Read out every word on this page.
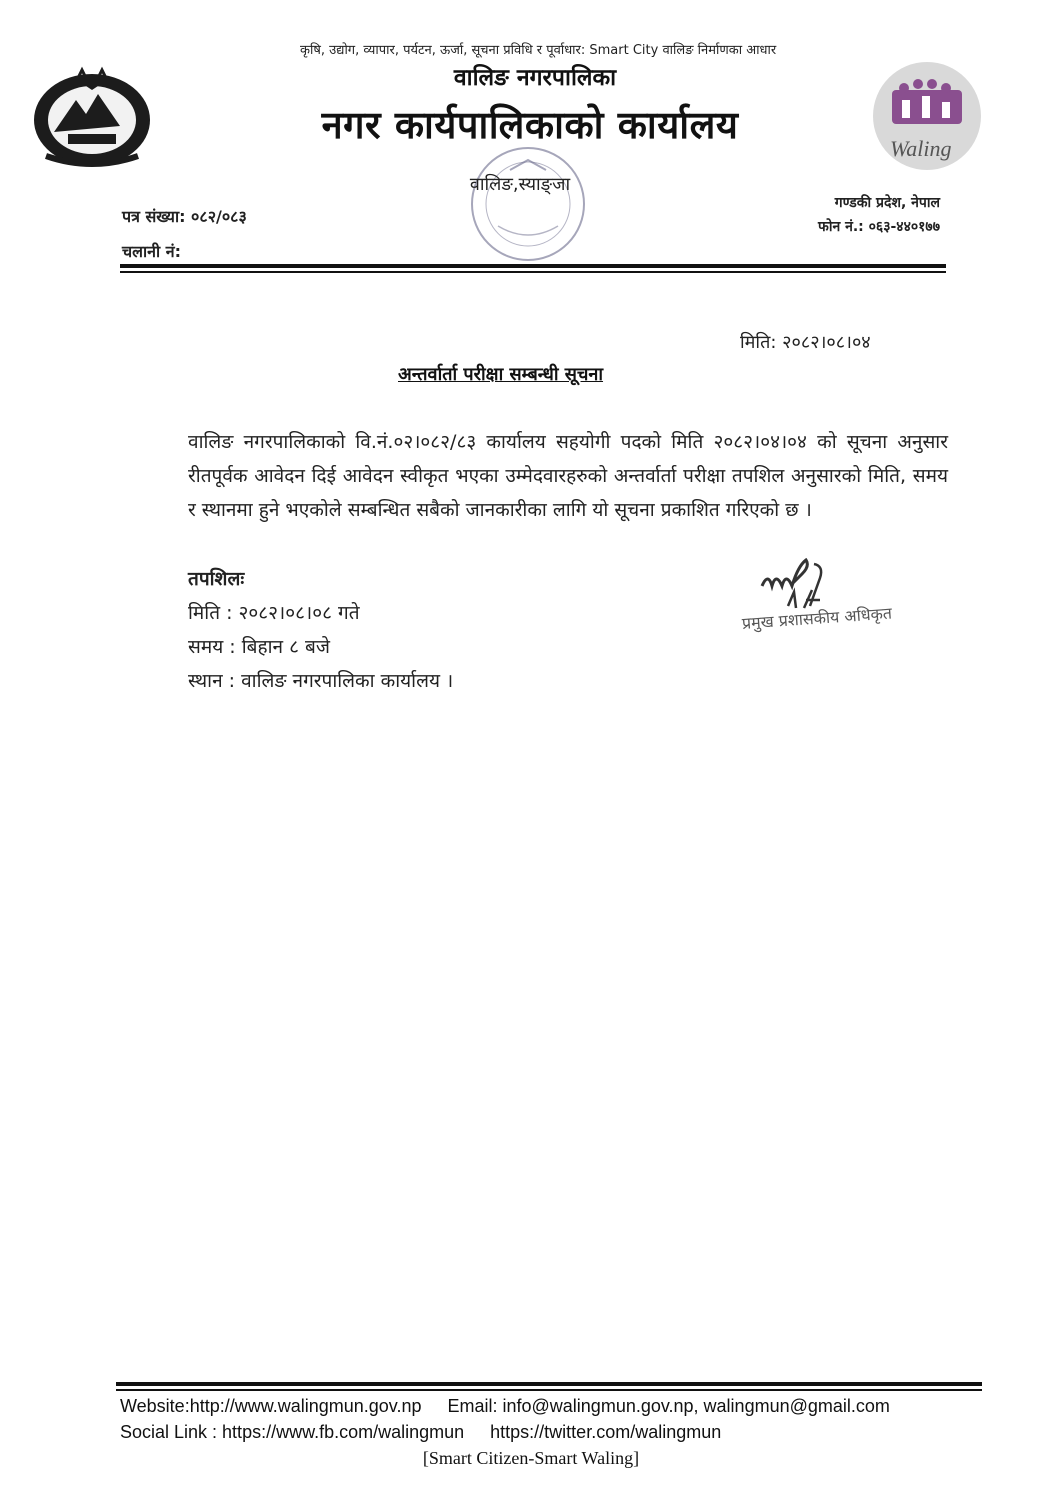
कृषि, उद्योग, व्यापार, पर्यटन, ऊर्जा, सूचना प्रविधि र पूर्वाधार: Smart City वालिङ निर्माणका आधार
वालिङ नगरपालिका
नगर कार्यपालिकाको कार्यालय
Waling
वालिङ,स्याङ्जा
पत्र संख्या: ०८२/०८३
चलानी नं:
गण्डकी प्रदेश, नेपाल
फोन नं.: ०६३-४४०१७७
मिति: २०८२।०८।०४
अन्तर्वार्ता परीक्षा सम्बन्धी सूचना
वालिङ नगरपालिकाको वि.नं.०२।०८२/८३ कार्यालय सहयोगी पदको मिति २०८२।०४।०४ को सूचना अनुसार रीतपूर्वक आवेदन दिई आवेदन स्वीकृत भएका उम्मेदवारहरुको अन्तर्वार्ता परीक्षा तपशिल अनुसारको मिति, समय र स्थानमा हुने भएकोले सम्बन्धित सबैको जानकारीका लागि यो सूचना प्रकाशित गरिएको छ ।
तपशिलः
मिति : २०८२।०८।०८ गते
समय : बिहान ८ बजे
स्थान : वालिङ नगरपालिका कार्यालय ।
प्रमुख प्रशासकीय अधिकृत
Website:http://www.walingmun.gov.np Email: info@walingmun.gov.np, walingmun@gmail.com
Social Link : https://www.fb.com/walingmun https://twitter.com/walingmun
[Smart Citizen-Smart Waling]
